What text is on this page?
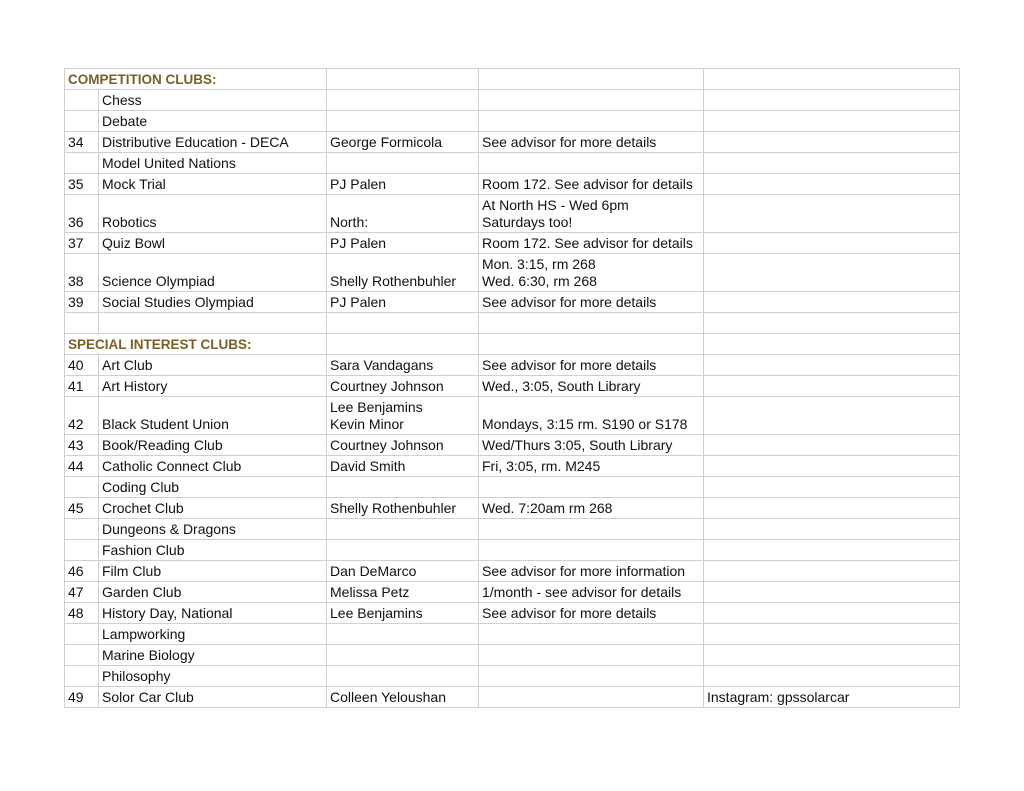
COMPETITION CLUBS:				

	Chess			

	Debate			

34	Distributive Education - DECA	George Formicola	See advisor for more details	

	Model United Nations			

35	Mock Trial	PJ Palen	Room 172. See advisor for details	

36	Robotics	North:	At North HS - Wed 6pm
Saturdays too!	

37	Quiz Bowl	PJ Palen	Room 172. See advisor for details	

38	Science Olympiad	Shelly Rothenbuhler	Mon. 3:15, rm 268
Wed. 6:30, rm 268	

39	Social Studies Olympiad	PJ Palen	See advisor for more details	

SPECIAL INTEREST CLUBS:				

40	Art Club	Sara Vandagans	See advisor for more details	

41	Art History	Courtney Johnson	Wed., 3:05, South Library	

42	Black Student Union	Lee Benjamins
Kevin Minor	Mondays, 3:15 rm. S190 or S178	

43	Book/Reading Club	Courtney Johnson	Wed/Thurs 3:05, South Library	

44	Catholic Connect Club	David Smith	Fri, 3:05, rm. M245	

	Coding Club			

45	Crochet Club	Shelly Rothenbuhler	Wed. 7:20am rm 268	

	Dungeons & Dragons			

	Fashion Club			

46	Film Club	Dan DeMarco	See advisor for more information	

47	Garden Club	Melissa Petz	1/month - see advisor for details	

48	History Day, National	Lee Benjamins	See advisor for more details	

	Lampworking			

	Marine Biology			

	Philosophy			

49	Solor Car Club	Colleen Yeloushan		Instagram: gpssolarcar
